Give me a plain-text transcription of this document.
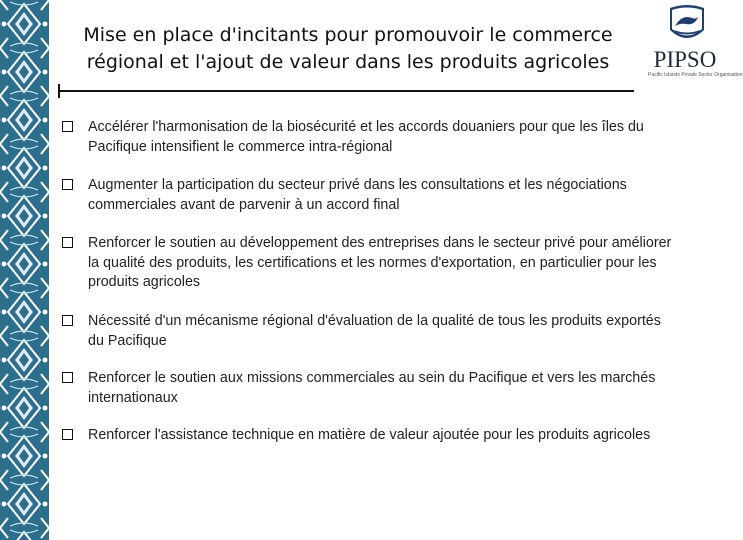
Mise en place d'incitants pour promouvoir le commerce
régional et l'ajout de valeur dans les produits agricoles	PIPSO
Pacific Islands Private Sector Organisation
Accélérer l'harmonisation de la biosécurité et les accords douaniers pour que les îles du Pacifique intensifient le commerce intra-régional
Augmenter la participation du secteur privé dans les consultations et les négociations commerciales avant de parvenir à un accord final
Renforcer le soutien au développement des entreprises dans le secteur privé pour améliorer la qualité des produits, les certifications et les normes d'exportation, en particulier pour les produits agricoles
Nécessité d'un mécanisme régional d'évaluation de la qualité de tous les produits exportés du Pacifique
Renforcer le soutien aux missions commerciales au sein du Pacifique et vers les marchés internationaux
Renforcer l'assistance technique en matière de valeur ajoutée pour les produits agricoles
